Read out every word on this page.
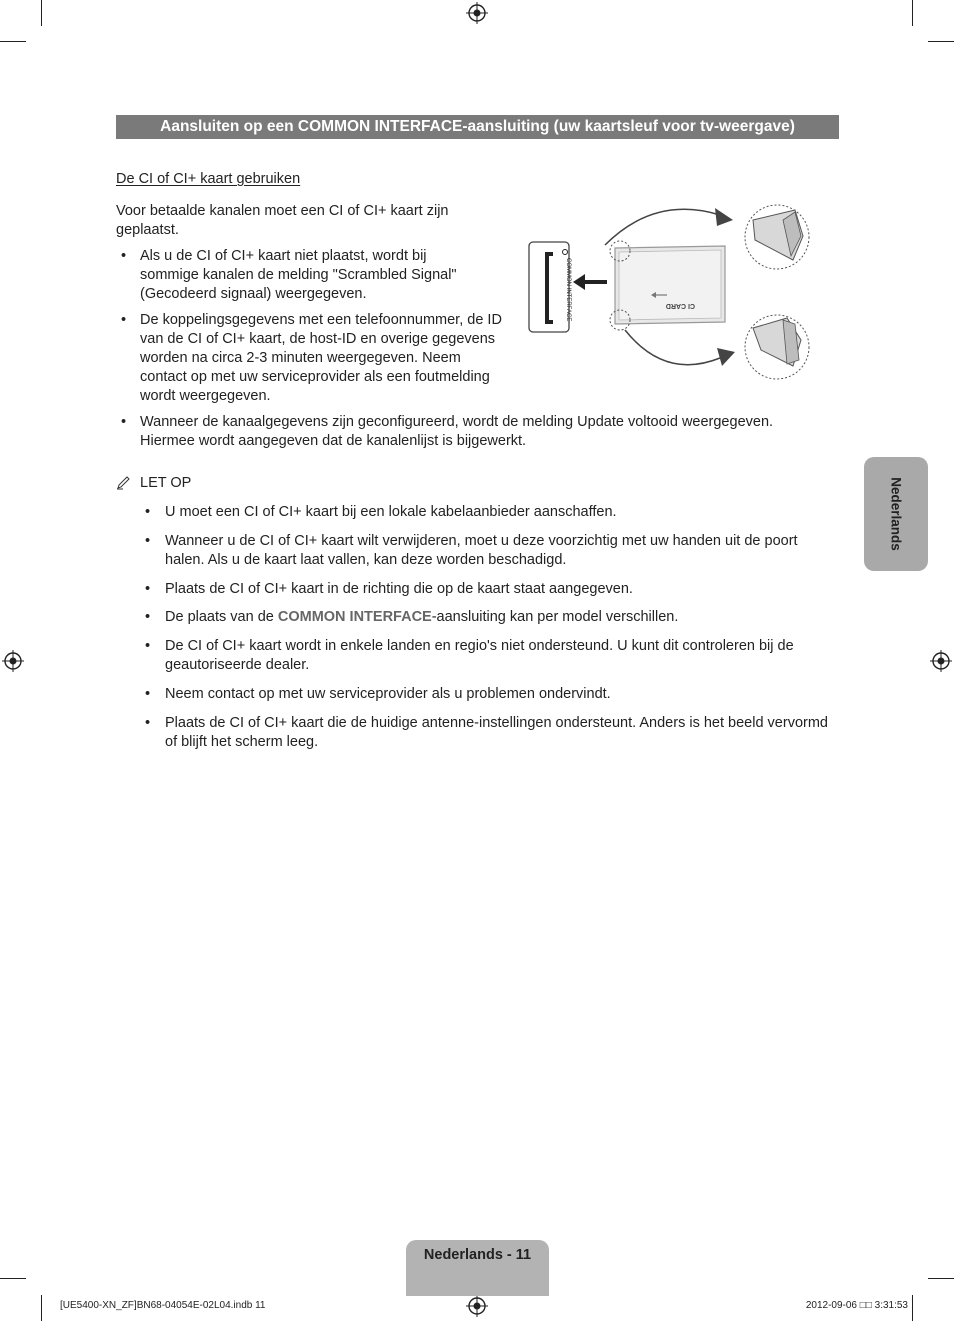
Aansluiten op een COMMON INTERFACE-aansluiting (uw kaartsleuf voor tv-weergave)
De CI of CI+ kaart gebruiken
Voor betaalde kanalen moet een CI of CI+ kaart zijn geplaatst.
• Als u de CI of CI+ kaart niet plaatst, wordt bij sommige kanalen de melding "Scrambled Signal" (Gecodeerd signaal) weergegeven.
• De koppelingsgegevens met een telefoonnummer, de ID van de CI of CI+ kaart, de host-ID en overige gegevens worden na circa 2-3 minuten weergegeven. Neem contact op met uw serviceprovider als een foutmelding wordt weergegeven.
• Wanneer de kanaalgegevens zijn geconfigureerd, wordt de melding Update voltooid weergegeven. Hiermee wordt aangegeven dat de kanalenlijst is bijgewerkt.
LET OP
• U moet een CI of CI+ kaart bij een lokale kabelaanbieder aanschaffen.
• Wanneer u de CI of CI+ kaart wilt verwijderen, moet u deze voorzichtig met uw handen uit de poort halen. Als u de kaart laat vallen, kan deze worden beschadigd.
• Plaats de CI of CI+ kaart in de richting die op de kaart staat aangegeven.
• De plaats van de COMMON INTERFACE-aansluiting kan per model verschillen.
• De CI of CI+ kaart wordt in enkele landen en regio's niet ondersteund. U kunt dit controleren bij de geautoriseerde dealer.
• Neem contact op met uw serviceprovider als u problemen ondervindt.
• Plaats de CI of CI+ kaart die de huidige antenne-instellingen ondersteunt. Anders is het beeld vervormd of blijft het scherm leeg.
COMMON INTERFACE	CI CARD
Nederlands
Nederlands - 11
[UE5400-XN_ZF]BN68-04054E-02L04.indb 11	2012-09-06 □□ 3:31:53
